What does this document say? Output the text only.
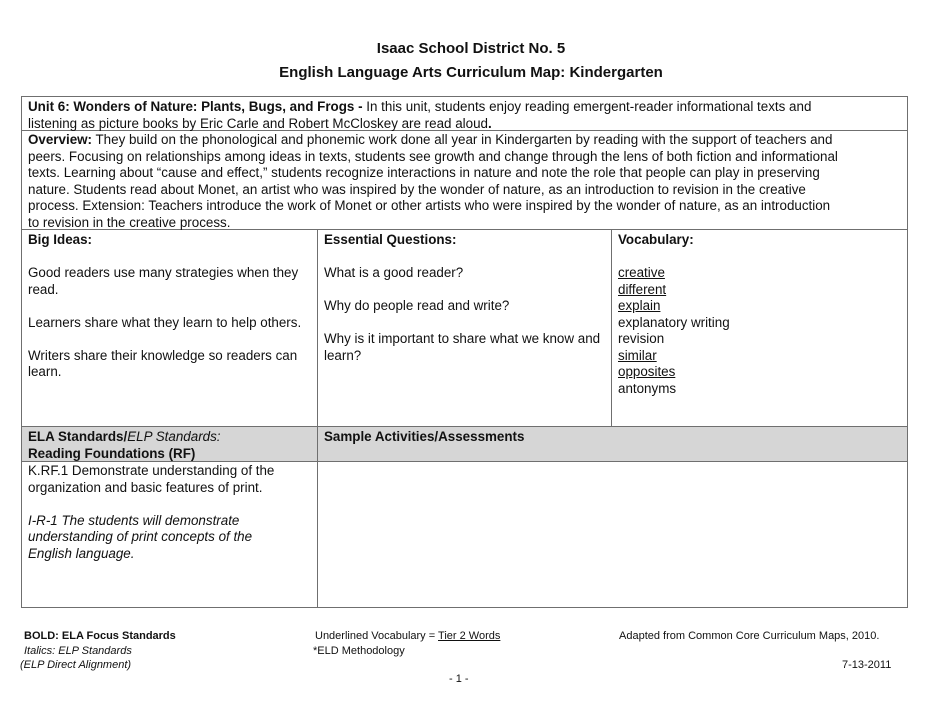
Isaac School District No. 5
English Language Arts Curriculum Map: Kindergarten

Unit 6: Wonders of Nature: Plants, Bugs, and Frogs - In this unit, students enjoy reading emergent-reader informational texts and

listening as picture books by Eric Carle and Robert McCloskey are read aloud.

Overview: They build on the phonological and phonemic work done all year in Kindergarten by reading with the support of teachers and

peers. Focusing on relationships among ideas in texts, students see growth and change through the lens of both fiction and informational

texts. Learning about “cause and effect,” students recognize interactions in nature and note the role that people can play in preserving

nature. Students read about Monet, an artist who was inspired by the wonder of nature, as an introduction to revision in the creative

process. Extension: Teachers introduce the work of Monet or other artists who were inspired by the wonder of nature, as an introduction

to revision in the creative process.

Big Ideas:

Good readers use many strategies when they read.

Learners share what they learn to help others.

Writers share their knowledge so readers can learn.

Essential Questions:

What is a good reader?

Why do people read and write?

Why is it important to share what we know and learn?

Vocabulary:

creative

different

explain

explanatory writing

revision

similar

opposites

antonyms

ELA Standards/ELP Standards:

Reading Foundations (RF)

Sample Activities/Assessments

K.RF.1 Demonstrate understanding of the

organization and basic features of print.

I-R-1 The students will demonstrate

understanding of print concepts of the

English language.

BOLD: ELA Focus Standards
Italics: ELP Standards
(ELP Direct Alignment)
Underlined Vocabulary = Tier 2 Words
*ELD Methodology
Adapted from Common Core Curriculum Maps, 2010.
7-13-2011
- 1 -
